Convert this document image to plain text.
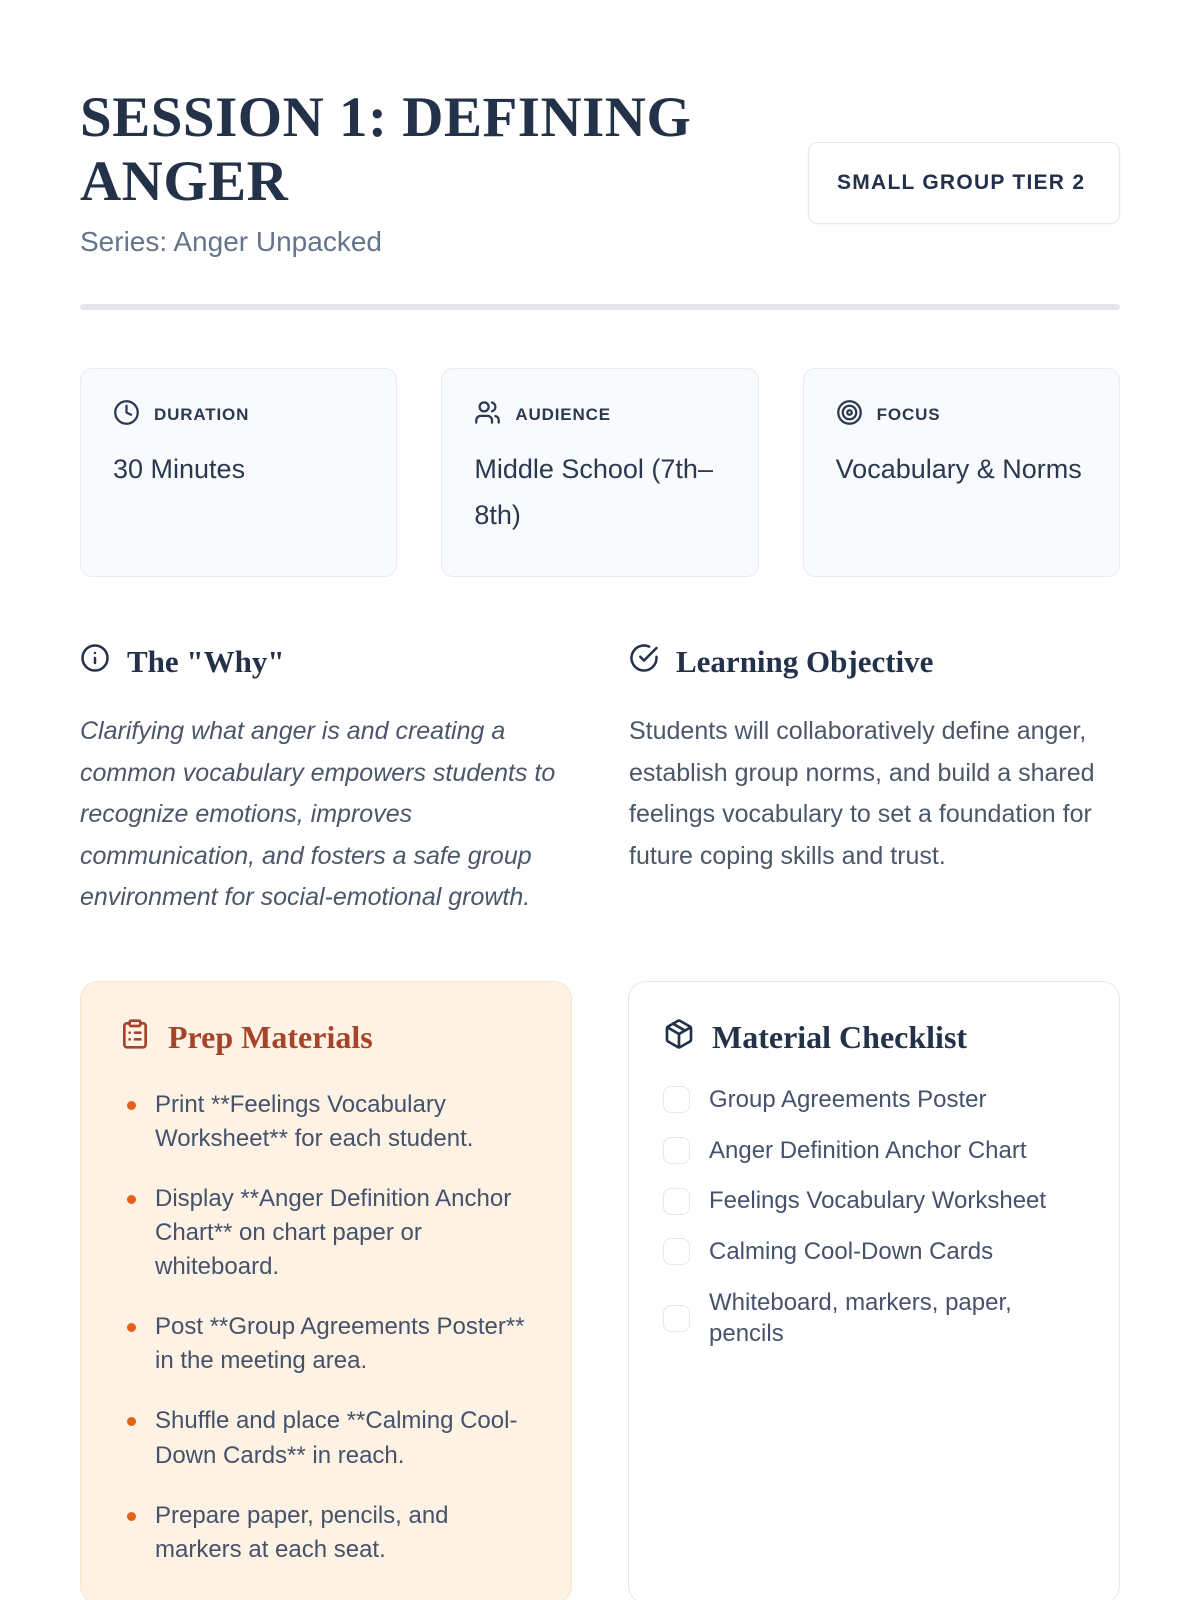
SESSION 1: DEFINING ANGER
Series: Anger Unpacked
SMALL GROUP TIER 2
DURATION
30 Minutes
AUDIENCE
Middle School (7th–8th)
FOCUS
Vocabulary & Norms
The "Why"

Clarifying what anger is and creating a common vocabulary empowers students to recognize emotions, improves communication, and fosters a safe group environment for social-emotional growth.

Learning Objective

Students will collaboratively define anger, establish group norms, and build a shared feelings vocabulary to set a foundation for future coping skills and trust.

Prep Materials
Print **Feelings Vocabulary Worksheet** for each student.
Display **Anger Definition Anchor Chart** on chart paper or whiteboard.
Post **Group Agreements Poster** in the meeting area.
Shuffle and place **Calming Cool-Down Cards** in reach.
Prepare paper, pencils, and markers at each seat.
Material Checklist
Group Agreements Poster
Anger Definition Anchor Chart
Feelings Vocabulary Worksheet
Calming Cool-Down Cards
Whiteboard, markers, paper, pencils
